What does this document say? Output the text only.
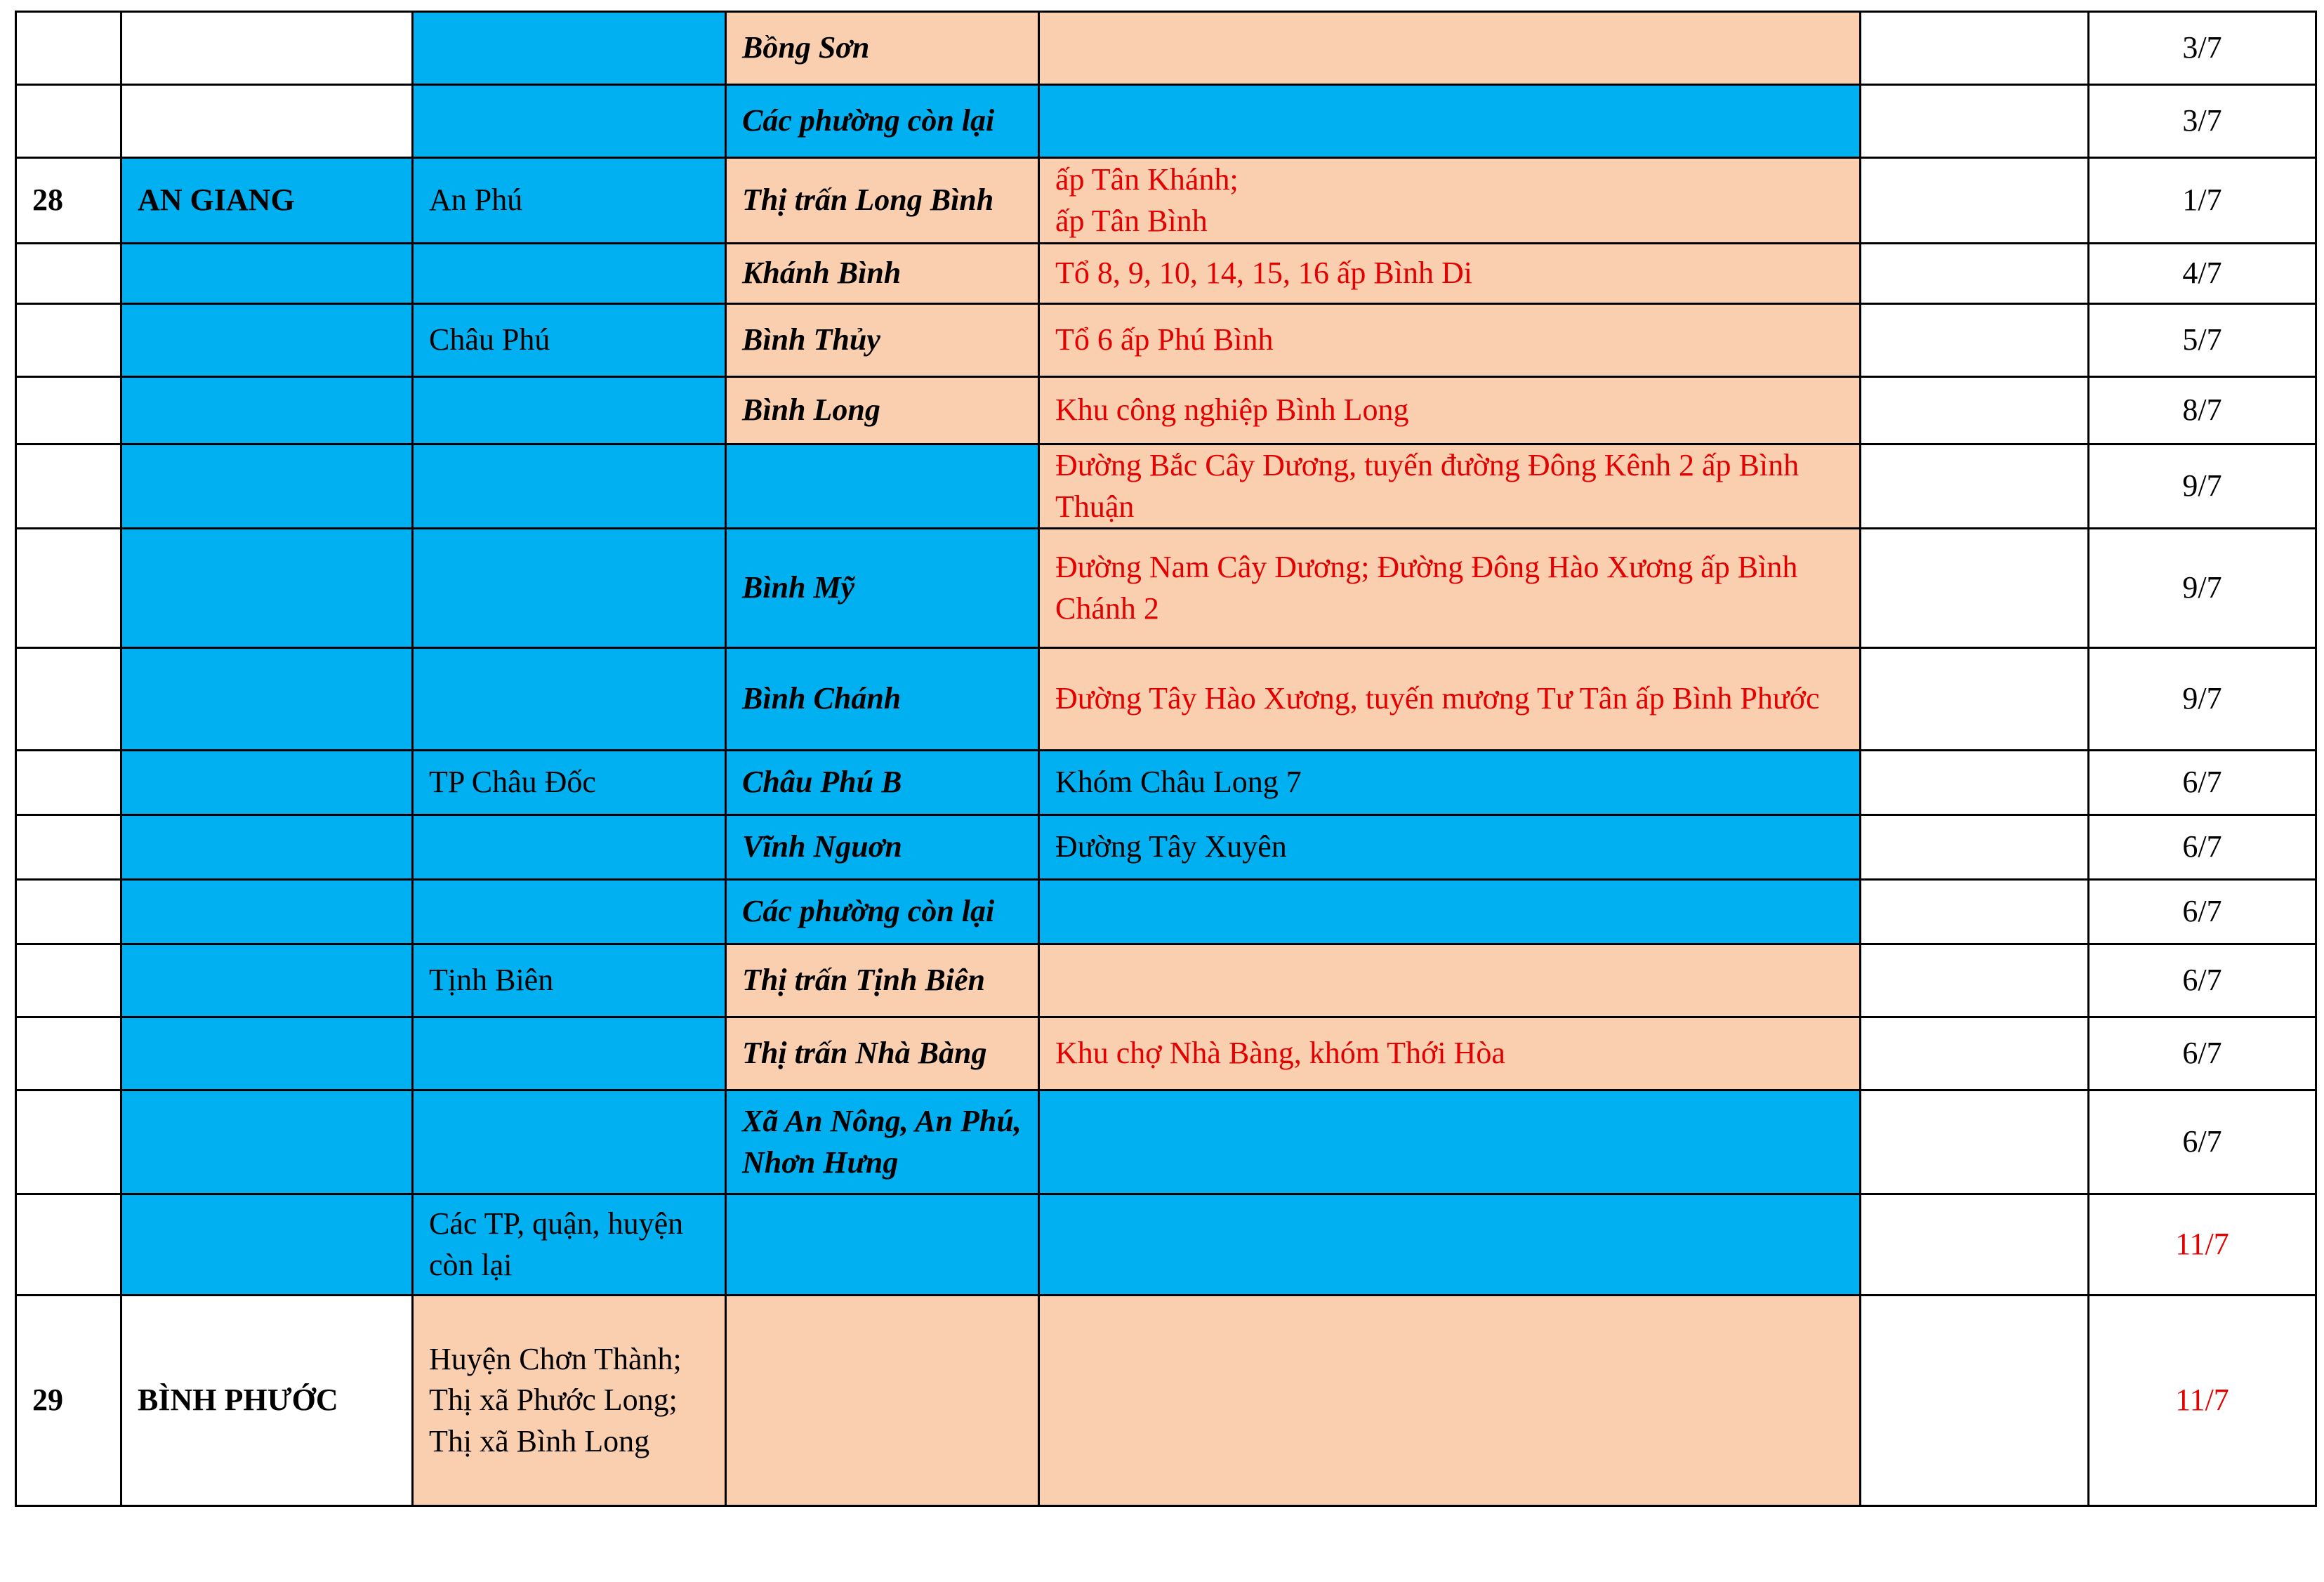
			Bồng Sơn			3/7
			Các phường còn lại			3/7
28	AN GIANG	An Phú	Thị trấn Long Bình	ấp Tân Khánh;
ấp Tân Bình		1/7
			Khánh Bình	Tổ 8, 9, 10, 14, 15, 16 ấp Bình Di		4/7
		Châu Phú	Bình Thủy	Tổ 6 ấp Phú Bình		5/7
			Bình Long	Khu công nghiệp Bình Long		8/7
				Đường Bắc Cây Dương, tuyến đường Đông Kênh 2 ấp Bình Thuận		9/7
			Bình Mỹ	Đường Nam Cây Dương; Đường Đông Hào Xương ấp Bình Chánh 2		9/7
			Bình Chánh	Đường Tây Hào Xương, tuyến mương Tư Tân ấp Bình Phước		9/7
		TP Châu Đốc	Châu Phú B	Khóm Châu Long 7		6/7
			Vĩnh Nguơn	Đường Tây Xuyên		6/7
			Các phường còn lại			6/7
		Tịnh Biên	Thị trấn Tịnh Biên			6/7
			Thị trấn Nhà Bàng	Khu chợ Nhà Bàng, khóm Thới Hòa		6/7
			Xã An Nông, An Phú, Nhơn Hưng			6/7
		Các TP, quận, huyện còn lại				11/7
29	BÌNH PHƯỚC	Huyện Chơn Thành;
Thị xã Phước Long;
Thị xã Bình Long				11/7
